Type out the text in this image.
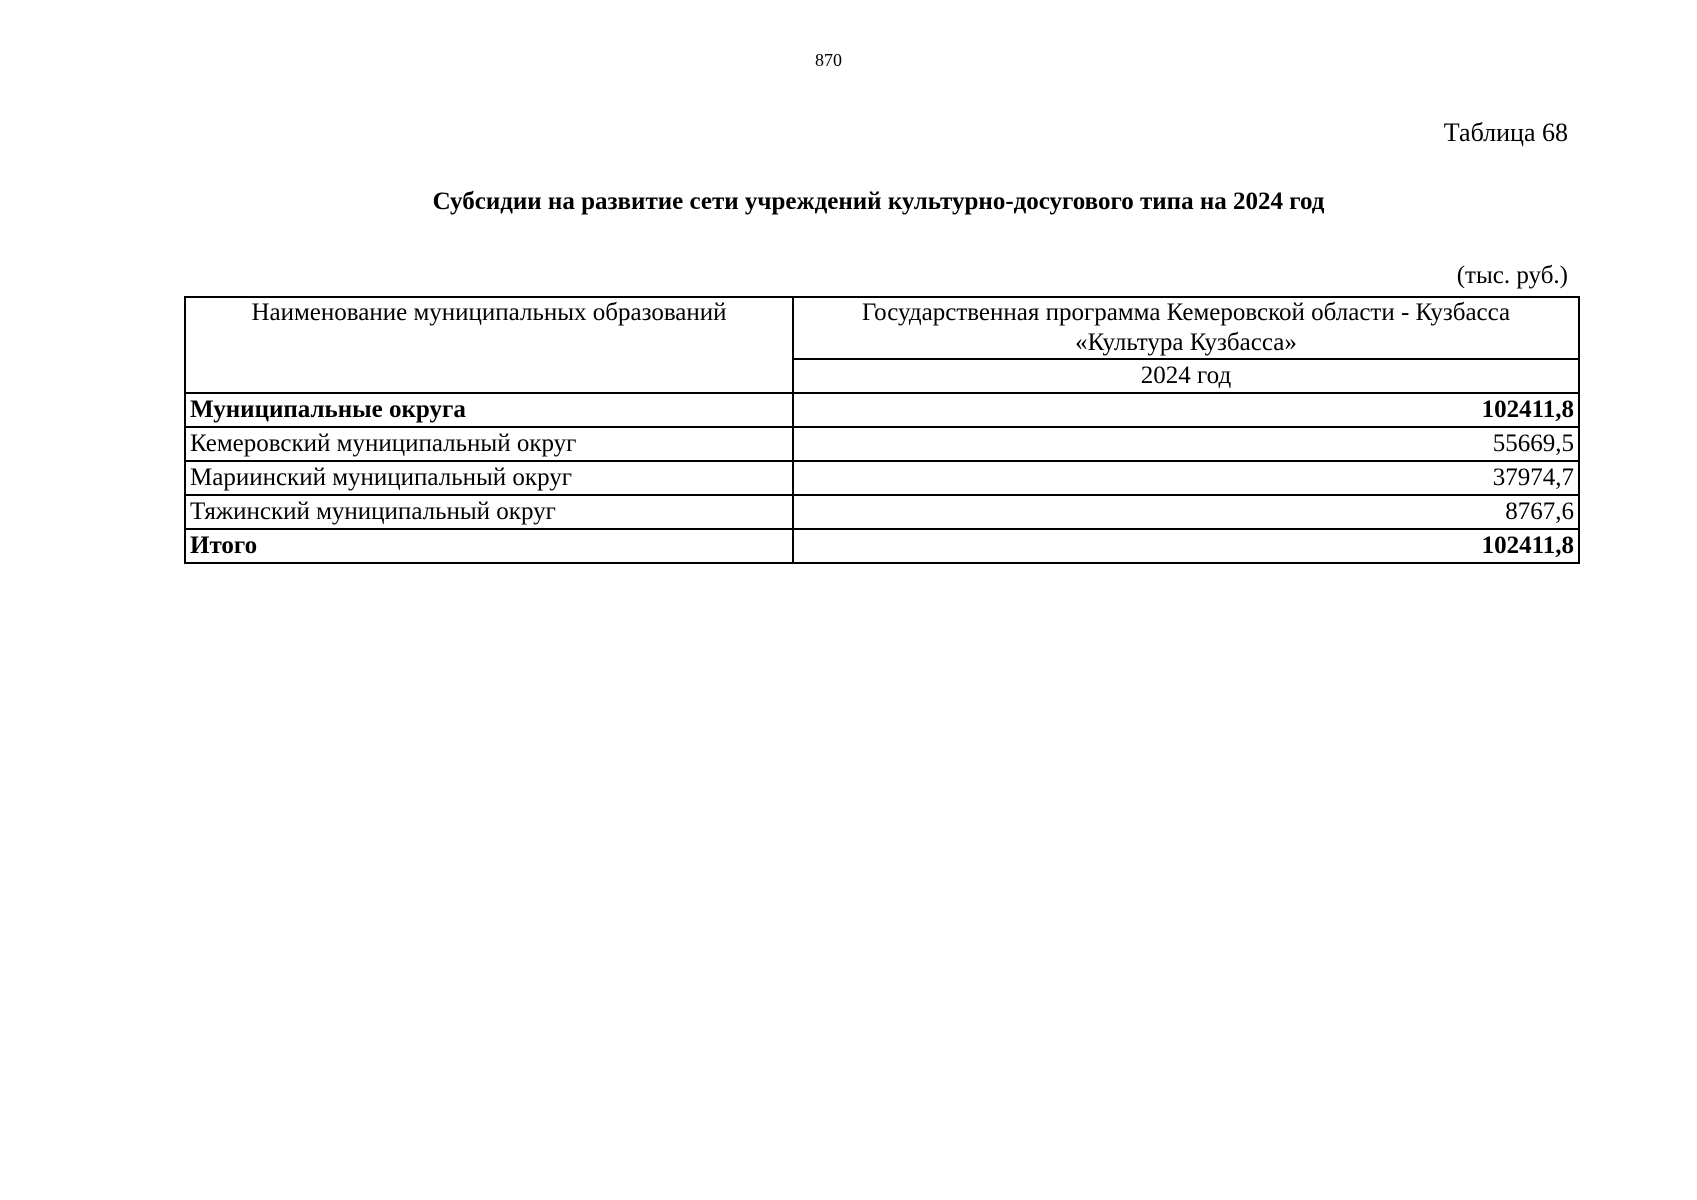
870
Таблица 68
Субсидии на развитие сети учреждений культурно-досугового типа на 2024 год
(тыс. руб.)
Наименование муниципальных образований	Государственная программа Кемеровской области - Кузбасса
«Культура Кузбасса»
	2024 год
Муниципальные округа	102411,8
Кемеровский муниципальный округ	55669,5
Мариинский муниципальный округ	37974,7
Тяжинский муниципальный округ	8767,6
Итого	102411,8
